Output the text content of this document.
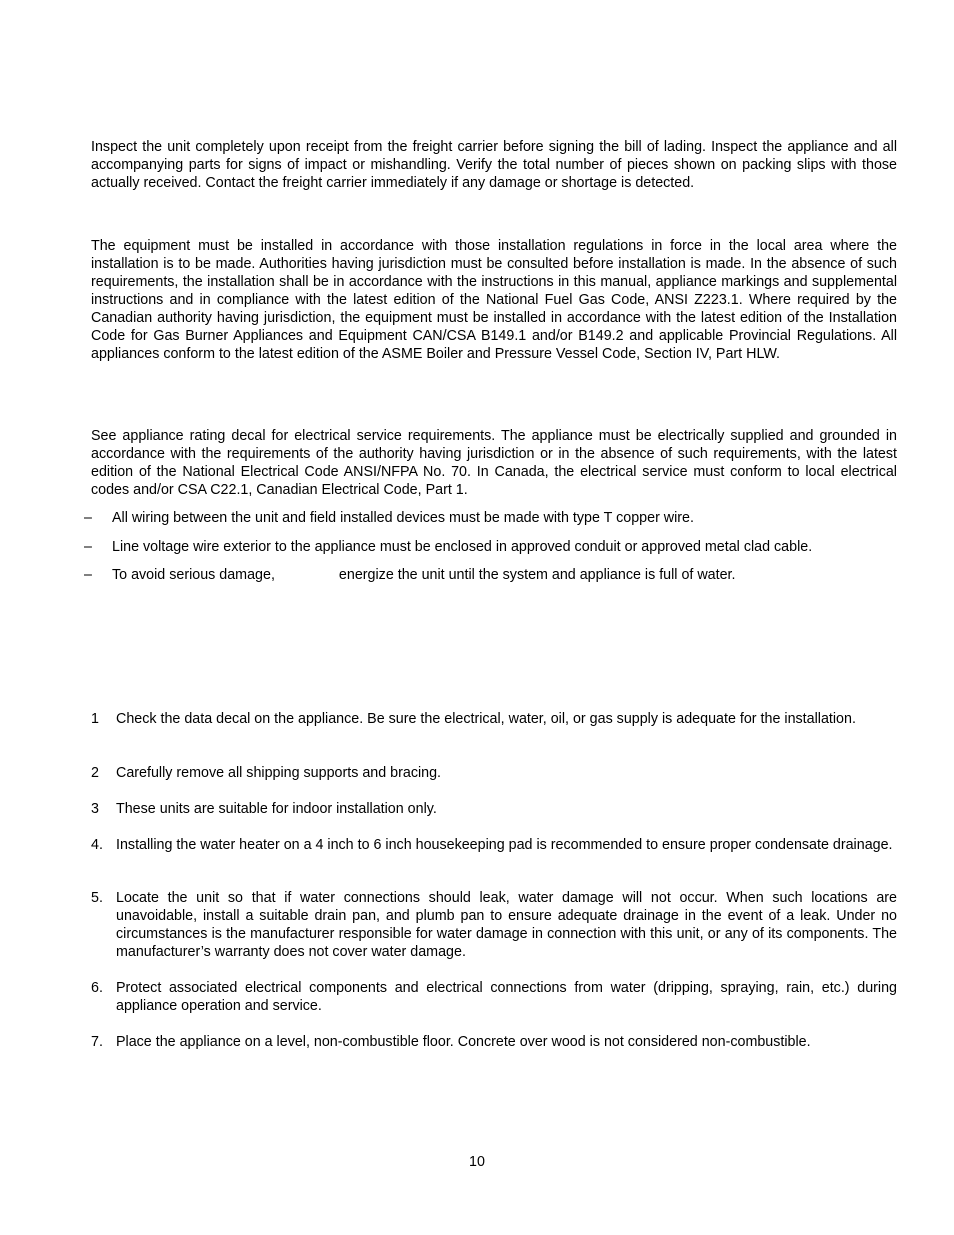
Inspect the unit completely upon receipt from the freight carrier before signing the bill of lading. Inspect the appliance and all accompanying parts for signs of impact or mishandling. Verify the total number of pieces shown on packing slips with those actually received. Contact the freight carrier immediately if any damage or shortage is detected.

The equipment must be installed in accordance with those installation regulations in force in the local area where the installation is to be made. Authorities having jurisdiction must be consulted before installation is made. In the absence of such requirements, the installation shall be in accordance with the instructions in this manual, appliance markings and supplemental instructions and in compliance with the latest edition of the National Fuel Gas Code, ANSI Z223.1. Where required by the Canadian authority having jurisdiction, the equipment must be installed in accordance with the latest edition of the Installation Code for Gas Burner Appliances and Equipment CAN/CSA B149.1 and/or B149.2 and applicable Provincial Regulations. All appliances conform to the latest edition of the ASME Boiler and Pressure Vessel Code, Section IV, Part HLW.

See appliance rating decal for electrical service requirements. The appliance must be electrically supplied and grounded in accordance with the requirements of the authority having jurisdiction or in the absence of such requirements, with the latest edition of the National Electrical Code ANSI/NFPA No. 70. In Canada, the electrical service must conform to local electrical codes and/or CSA C22.1, Canadian Electrical Code, Part 1.

–	All wiring between the unit and field installed devices must be made with type T copper wire.
–	Line voltage wire exterior to the appliance must be enclosed in approved conduit or approved metal clad cable.
–	To avoid serious damage,	energize the unit until the system and appliance is full of water.
1	Check the data decal on the appliance. Be sure the electrical, water, oil, or gas supply is adequate for the installation.
2	Carefully remove all shipping supports and bracing.
3	These units are suitable for indoor installation only.
4. Installing the water heater on a 4 inch to 6 inch housekeeping pad is recommended to ensure proper condensate drainage.
5. Locate the unit so that if water connections should leak, water damage will not occur. When such locations are unavoidable, install a suitable drain pan, and plumb pan to ensure adequate drainage in the event of a leak. Under no circumstances is the manufacturer responsible for water damage in connection with this unit, or any of its components. The manufacturer’s warranty does not cover water damage.
6. Protect associated electrical components and electrical connections from water (dripping, spraying, rain, etc.) during appliance operation and service.
7. Place the appliance on a level, non-combustible floor. Concrete over wood is not considered non-combustible.
10
